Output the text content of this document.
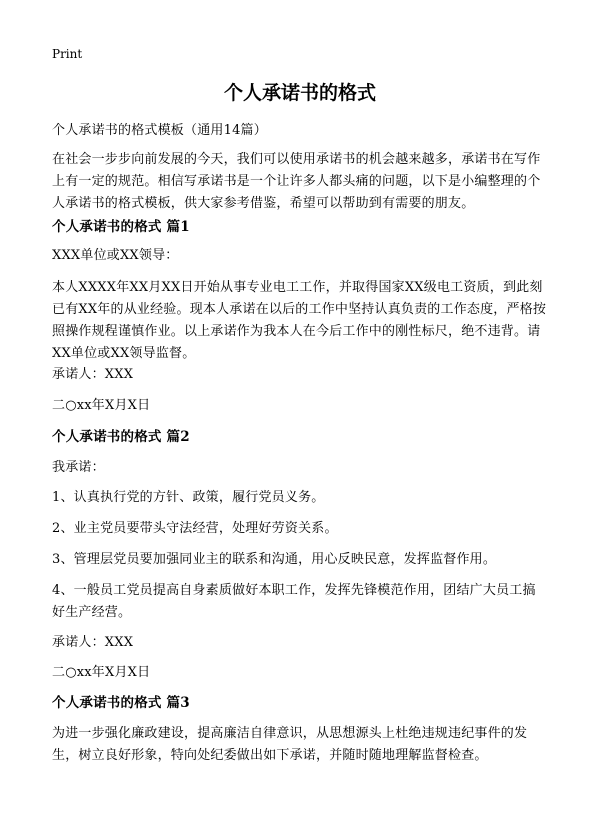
Print
个人承诺书的格式

个人承诺书的格式模板（通用14篇）

在社会一步步向前发展的今天，我们可以使用承诺书的机会越来越多，承诺书在写作上有一定的规范。相信写承诺书是一个让许多人都头痛的问题，以下是小编整理的个人承诺书的格式模板，供大家参考借鉴，希望可以帮助到有需要的朋友。

个人承诺书的格式 篇1

XXX单位或XX领导：

本人XXXX年XX月XX日开始从事专业电工工作，并取得国家XX级电工资质，到此刻已有XX年的从业经验。现本人承诺在以后的工作中坚持认真负责的工作态度，严格按照操作规程谨慎作业。以上承诺作为我本人在今后工作中的刚性标尺，绝不违背。请XX单位或XX领导监督。

承诺人：XXX

二○xx年X月X日

个人承诺书的格式 篇2

我承诺：

1、认真执行党的方针、政策，履行党员义务。

2、业主党员要带头守法经营，处理好劳资关系。

3、管理层党员要加强同业主的联系和沟通，用心反映民意，发挥监督作用。

4、一般员工党员提高自身素质做好本职工作，发挥先锋模范作用，团结广大员工搞好生产经营。

承诺人：XXX

二○xx年X月X日

个人承诺书的格式 篇3

为进一步强化廉政建设，提高廉洁自律意识，从思想源头上杜绝违规违纪事件的发生，树立良好形象，特向处纪委做出如下承诺，并随时随地理解监督检查。
